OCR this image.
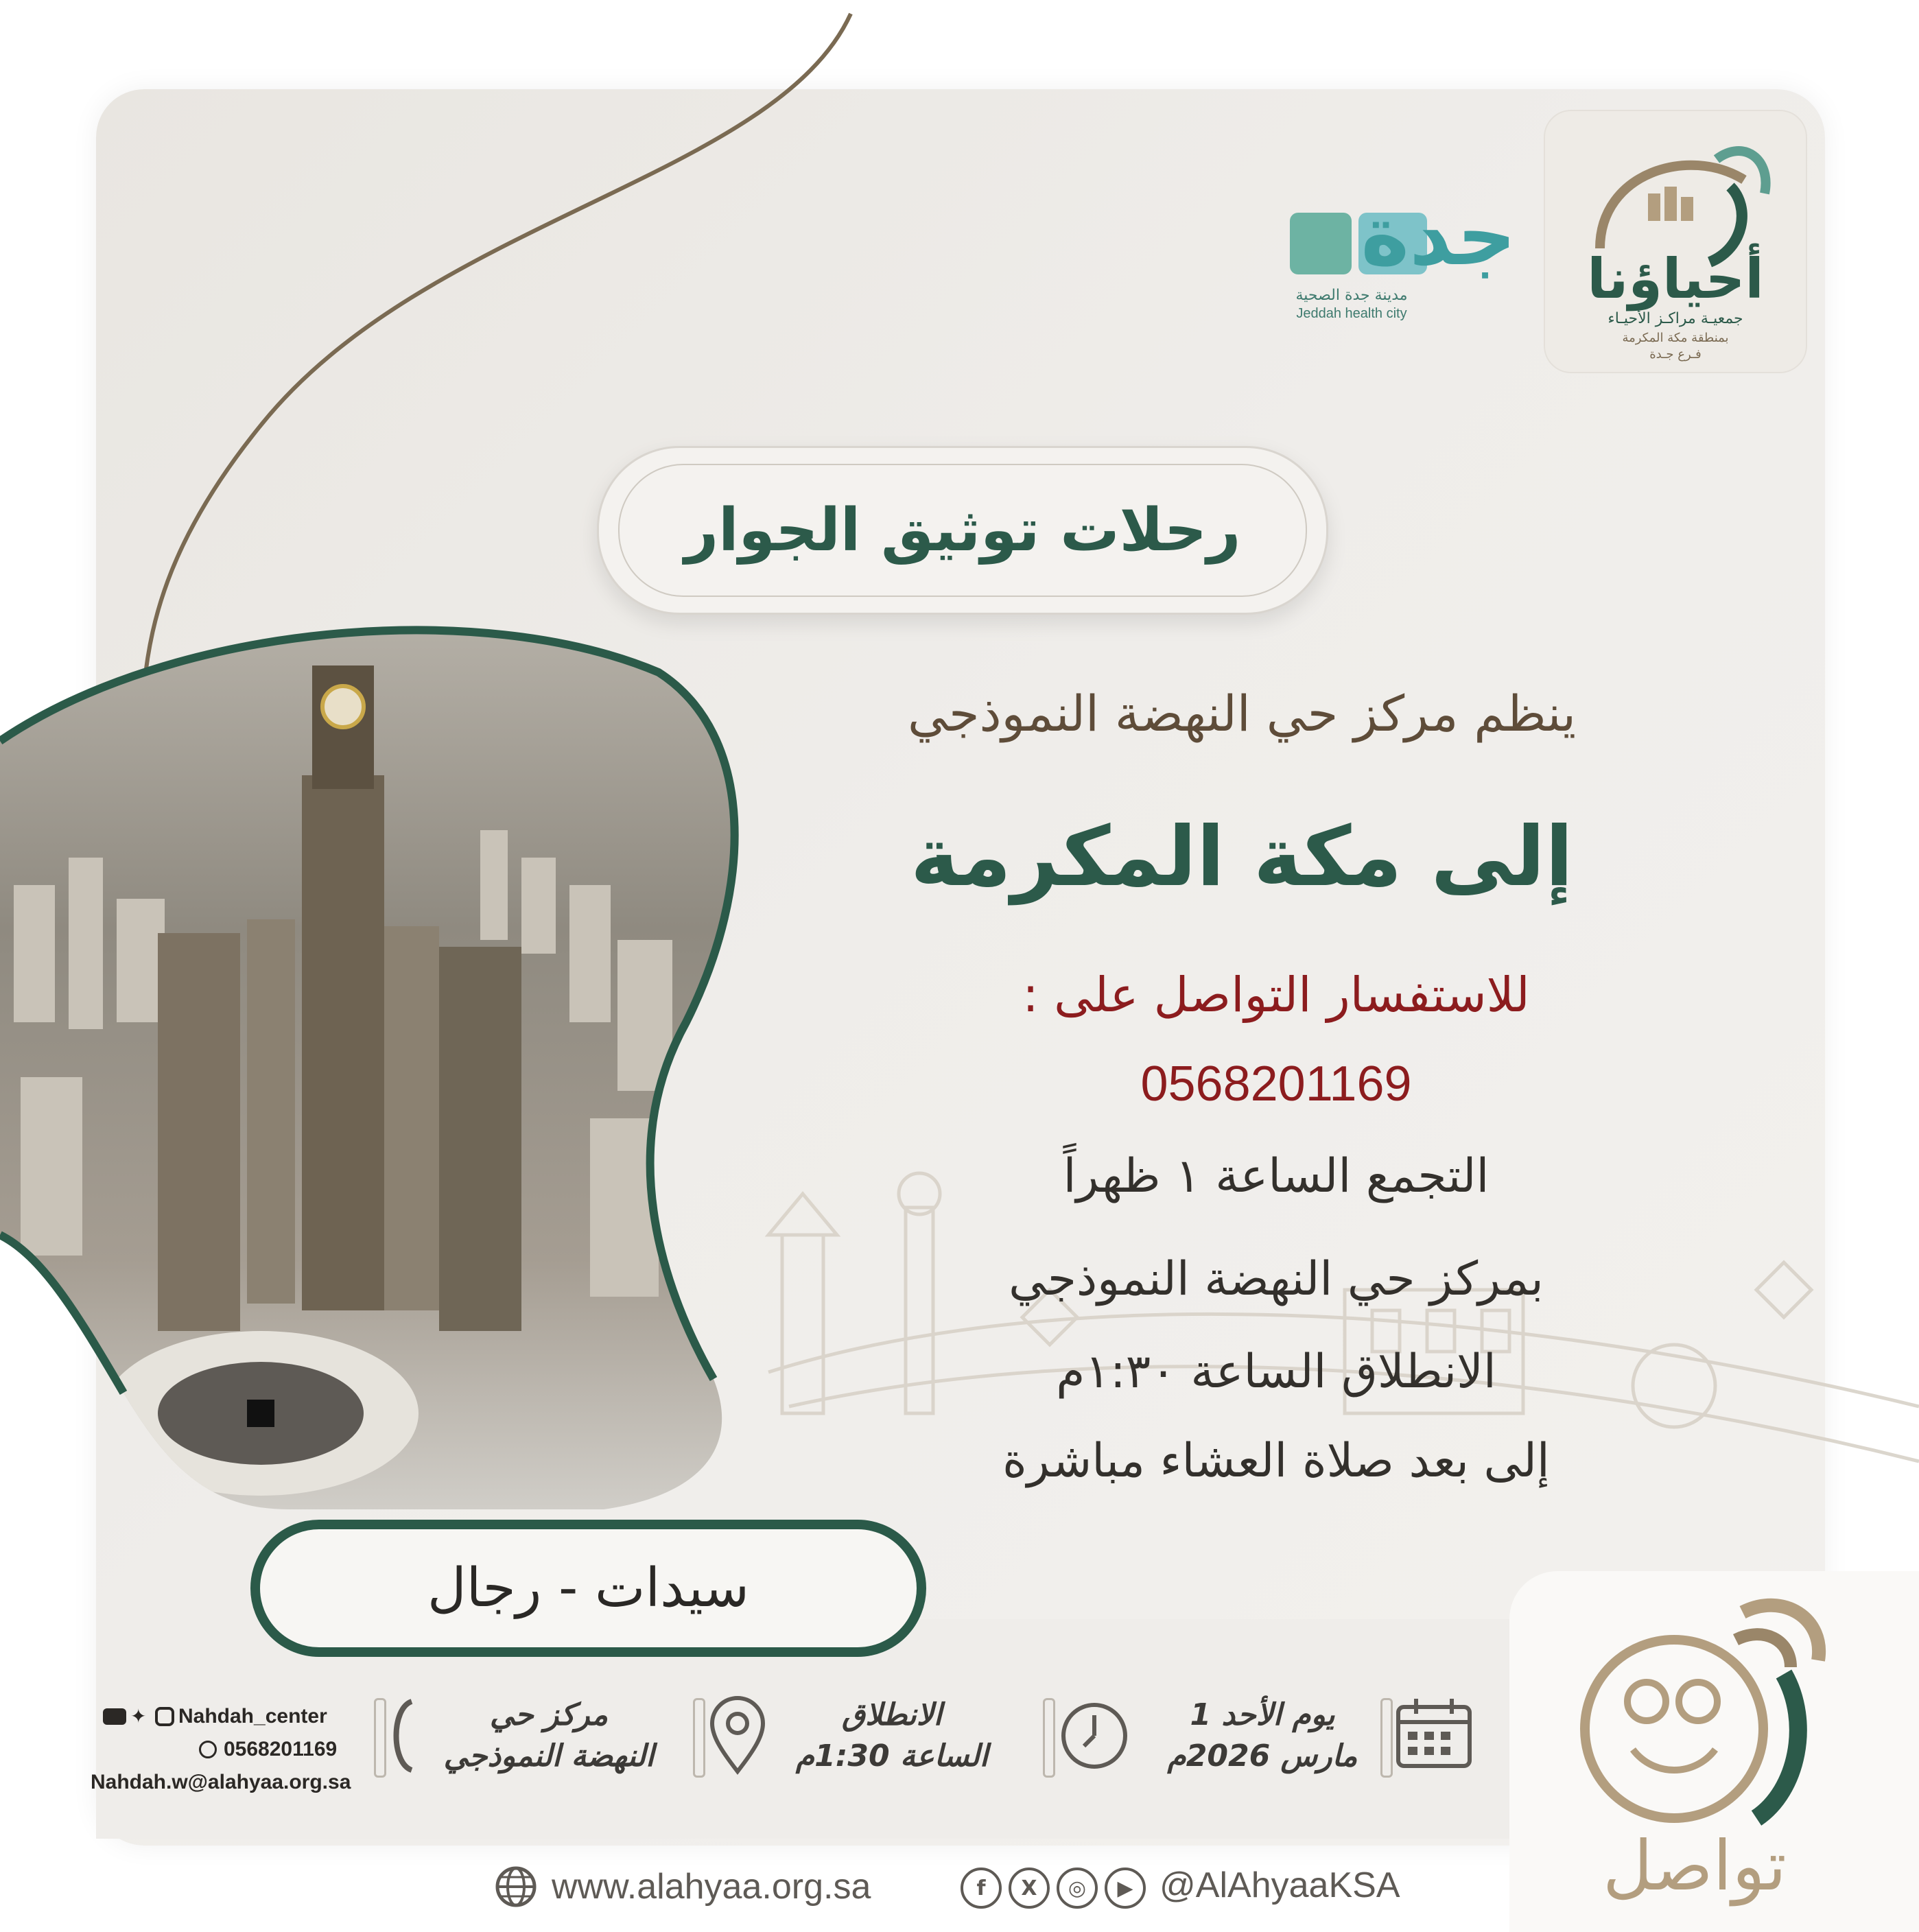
أحياؤنا
جمعيـة مراكـز الأحيـاء
بمنطقة مكة المكرمة
فـرع جـدة
جدة
مدينة جدة الصحية
Jeddah health city
رحلات توثيق الجوار
ينظم مركز حي النهضة النموذجي
إلى مكة المكرمة
للاستفسار التواصل على :
0568201169
التجمع الساعة ١ ظهراً
بمركز حي النهضة النموذجي
الانطلاق الساعة ١:٣٠م
إلى بعد صلاة العشاء مباشرة
سيدات - رجال
يوم الأحد 1
مارس 2026م
الانطلاق
الساعة 1:30م
مركز حي
النهضة النموذجي
✦ Nahdah_center
0568201169
Nahdah.w@alahyaa.org.sa
تواصل
www.alahyaa.org.sa	f	X	◎	▶ @AlAhyaaKSA
